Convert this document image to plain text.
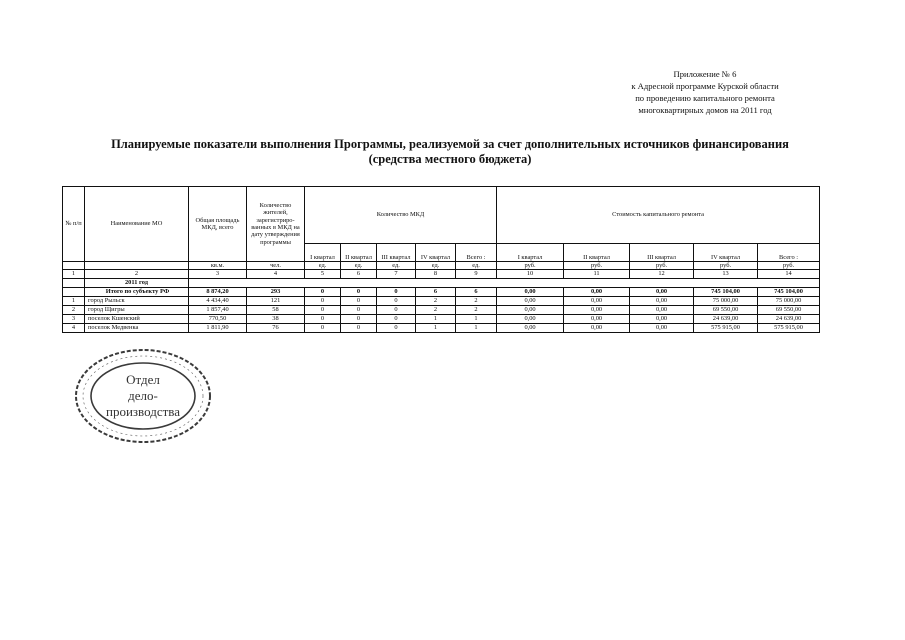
Приложение № 6
к Адресной программе Курской области
по проведению капитального ремонта
многоквартирных домов на 2011 год
Планируемые показатели выполнения Программы, реализуемой за счет дополнительных источников финансирования
(средства местного бюджета)
№ п/п	Наименование МО	Общая площадь МКД, всего	Количество жителей, зарегистриро-ванных в МКД на дату утверждения программы	Количество МКД					Стоимость капитального ремонта				
				I квартал	II квартал	III квартал	IV квартал	Всего :	I квартал	II квартал	III квартал	IV квартал	Всего :
		кв.м.	чел.	ед.	ед.	ед.	ед.	ед.	руб.	руб.	руб.	руб.	руб.
1	2	3	4	5	6	7	8	9	10	11	12	13	14
	2011 год												
	Итого по субъекту РФ	8 874,20	293	0	0	0	6	6	0,00	0,00	0,00	745 104,00	745 104,00
1	город Рыльск	4 434,40	121	0	0	0	2	2	0,00	0,00	0,00	75 000,00	75 000,00
2	город Щигры	1 857,40	58	0	0	0	2	2	0,00	0,00	0,00	69 550,00	69 550,00
3	поселок Кшенский	770,50	38	0	0	0	1	1	0,00	0,00	0,00	24 639,00	24 639,00
4	поселок Медвенка	1 811,90	76	0	0	0	1	1	0,00	0,00	0,00	575 915,00	575 915,00
Отдел
дело-
производства
